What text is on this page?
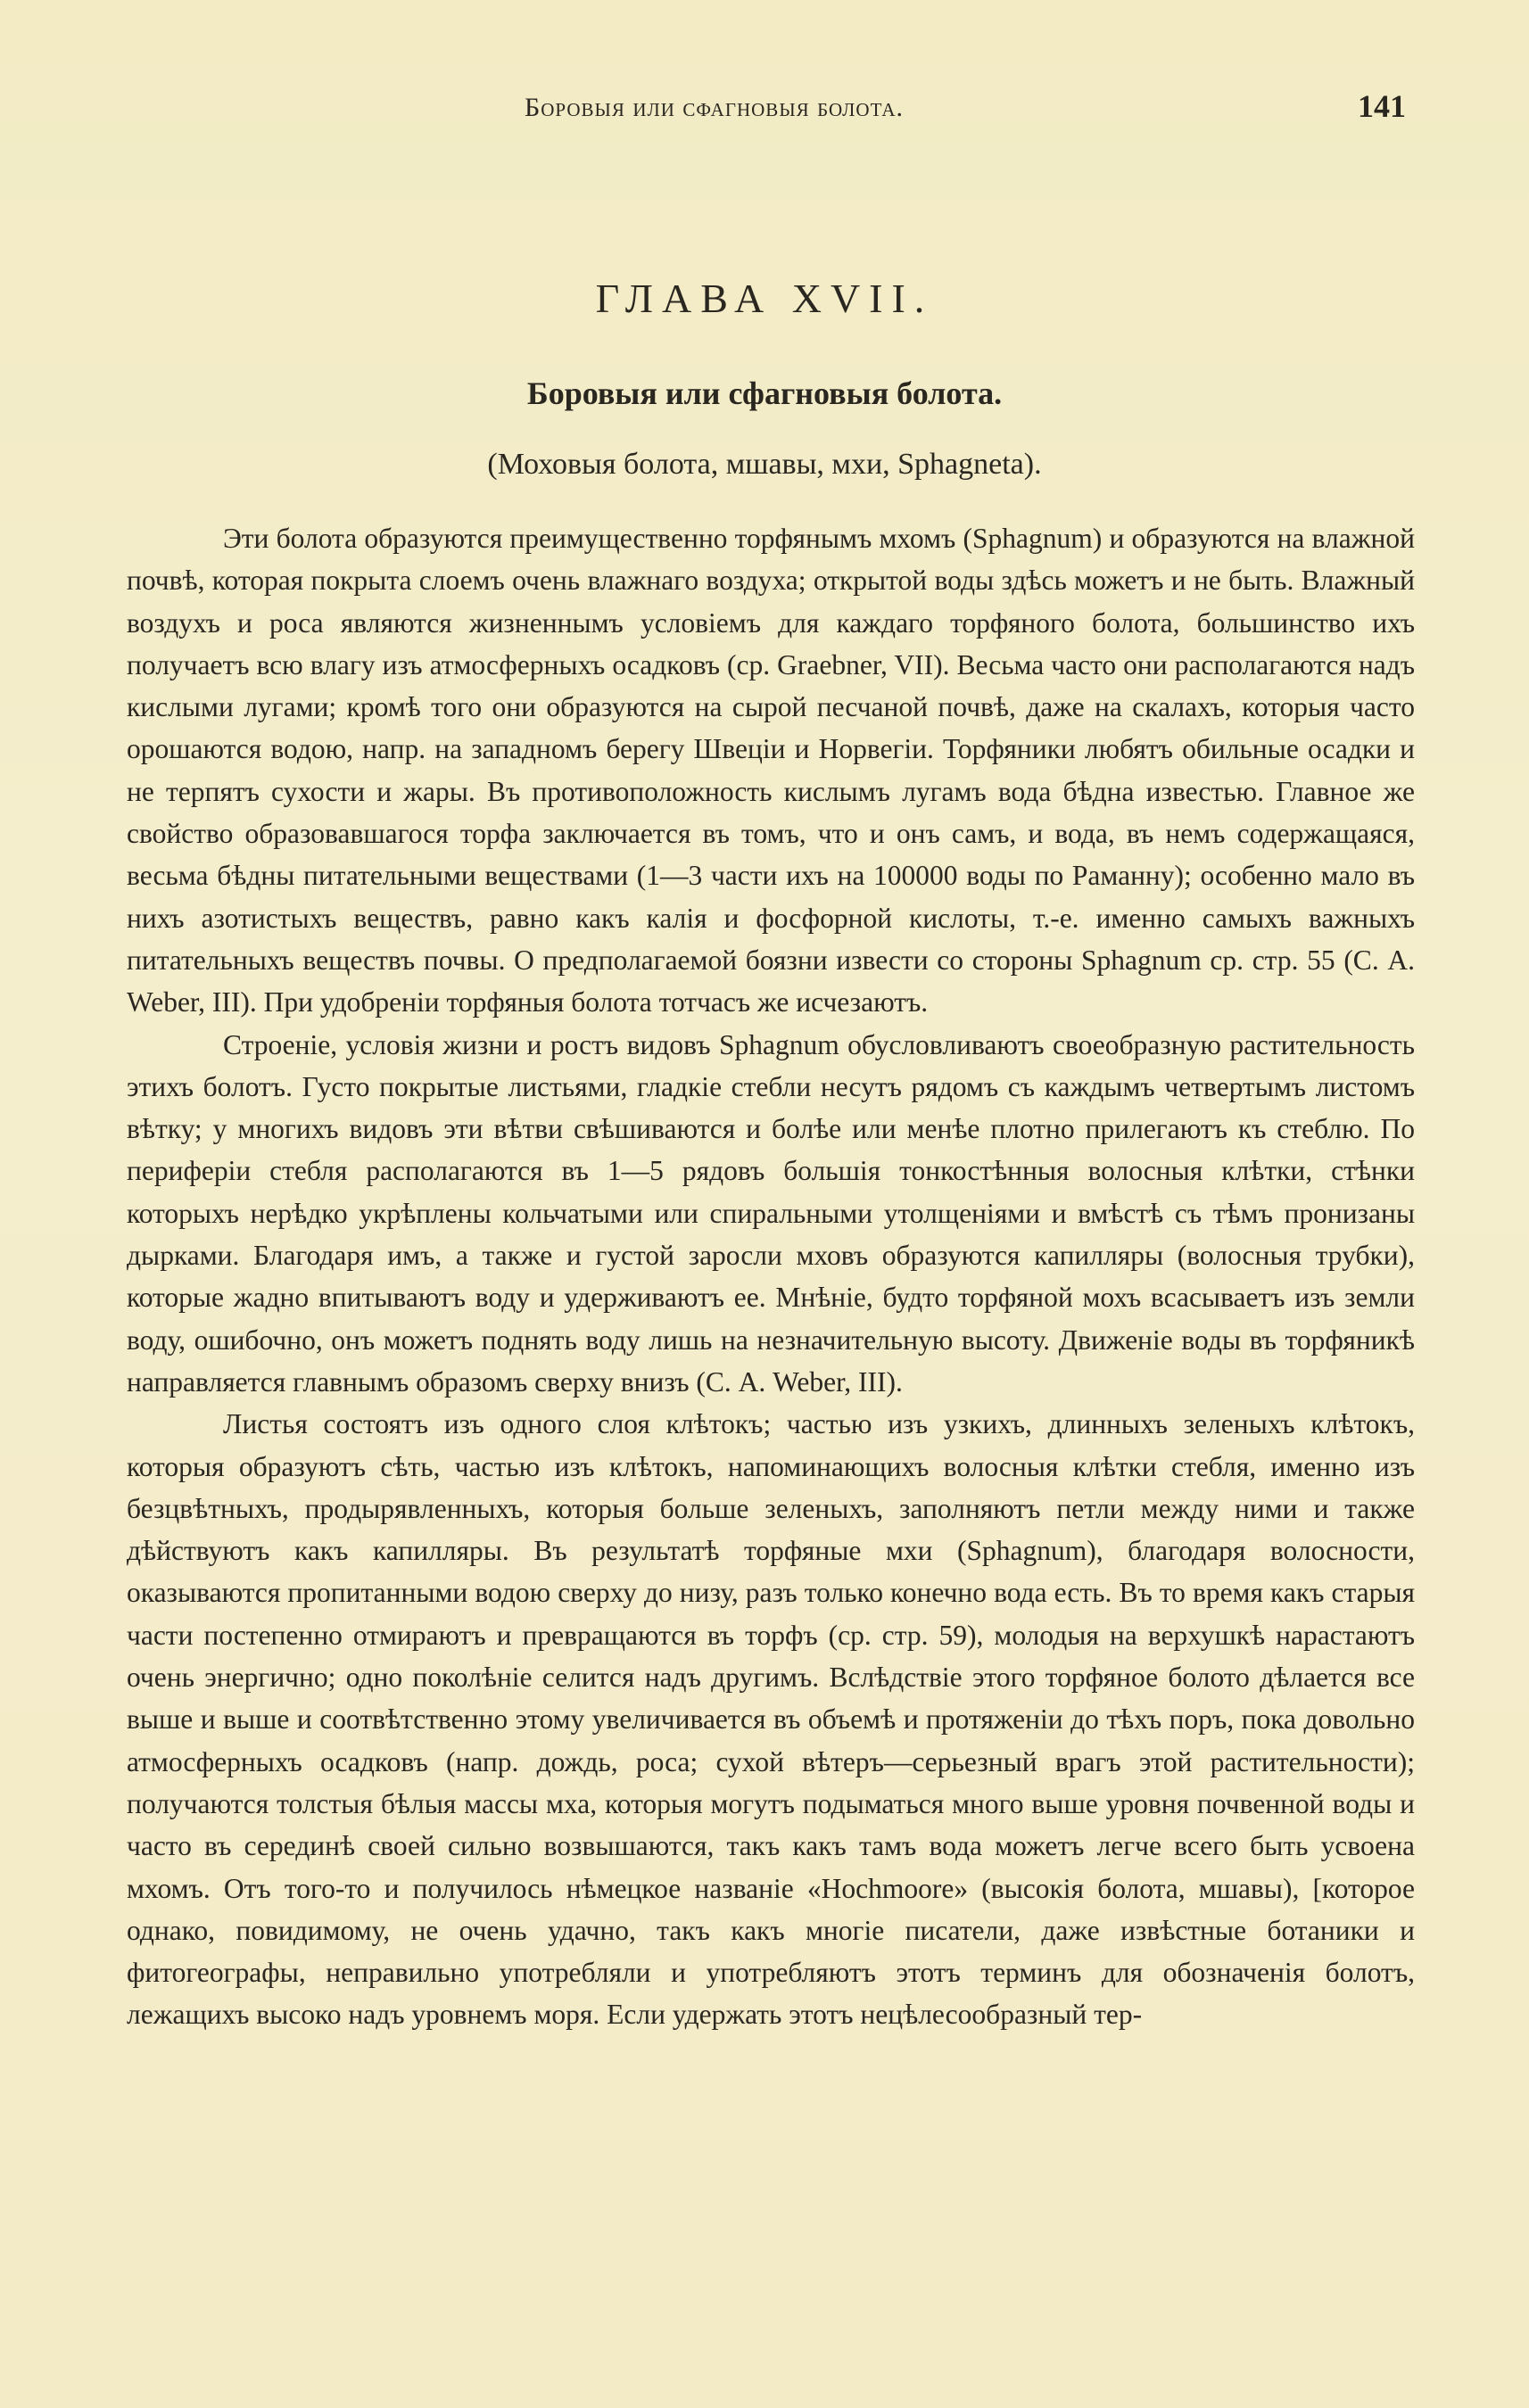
Боровыя или сфагновыя болота.	141
ГЛАВА XVII.
Боровыя или сфагновыя болота.
(Моховыя болота, мшавы, мхи, Sphagneta).

Эти болота образуются преимущественно торфянымъ мхомъ (Sphagnum) и образуются на влажной почвѣ, которая покрыта слоемъ очень влажнаго воздуха; открытой воды здѣсь можетъ и не быть. Влажный воздухъ и роса являются жизненнымъ условіемъ для каждаго торфяного болота, большинство ихъ получаетъ всю влагу изъ атмосферныхъ осадковъ (ср. Graebner, VII). Весьма часто они располагаются надъ кислыми лугами; кромѣ того они образуются на сырой песчаной почвѣ, даже на скалахъ, которыя часто орошаются водою, напр. на западномъ берегу Швеціи и Норвегіи. Торфяники любятъ обильные осадки и не терпятъ сухости и жары. Въ противоположность кислымъ лугамъ вода бѣдна известью. Главное же свойство образовавшагося торфа заключается въ томъ, что и онъ самъ, и вода, въ немъ содержащаяся, весьма бѣдны питательными веществами (1—3 части ихъ на 100000 воды по Раманну); особенно мало въ нихъ азотистыхъ веществъ, равно какъ калія и фосфорной кислоты, т.-е. именно самыхъ важныхъ питательныхъ веществъ почвы. О предполагаемой боязни извести со стороны Sphagnum ср. стр. 55 (С. А. Weber, III). При удобреніи торфяныя болота тотчасъ же исчезаютъ.

Строеніе, условія жизни и ростъ видовъ Sphagnum обусловливаютъ своеобразную растительность этихъ болотъ. Густо покрытые листьями, гладкіе стебли несутъ рядомъ съ каждымъ четвертымъ листомъ вѣтку; у многихъ видовъ эти вѣтви свѣшиваются и болѣе или менѣе плотно прилегаютъ къ стеблю. По периферіи стебля располагаются въ 1—5 рядовъ большія тонкостѣнныя волосныя клѣтки, стѣнки которыхъ нерѣдко укрѣплены кольчатыми или спиральными утолщеніями и вмѣстѣ съ тѣмъ пронизаны дырками. Благодаря имъ, а также и густой заросли мховъ образуются капилляры (волосныя трубки), которые жадно впитываютъ воду и удерживаютъ ее. Мнѣніе, будто торфяной мохъ всасываетъ изъ земли воду, ошибочно, онъ можетъ поднять воду лишь на незначительную высоту. Движеніе воды въ торфяникѣ направляется главнымъ образомъ сверху внизъ (С. А. Weber, III).

Листья состоятъ изъ одного слоя клѣтокъ; частью изъ узкихъ, длинныхъ зеленыхъ клѣтокъ, которыя образуютъ сѣть, частью изъ клѣтокъ, напоминающихъ волосныя клѣтки стебля, именно изъ безцвѣтныхъ, продырявленныхъ, которыя больше зеленыхъ, заполняютъ петли между ними и также дѣйствуютъ какъ капилляры. Въ результатѣ торфяные мхи (Sphagnum), благодаря волосности, оказываются пропитанными водою сверху до низу, разъ только конечно вода есть. Въ то время какъ старыя части постепенно отмираютъ и превращаются въ торфъ (ср. стр. 59), молодыя на верхушкѣ нарастаютъ очень энергично; одно поколѣніе селится надъ другимъ. Вслѣдствіе этого торфяное болото дѣлается все выше и выше и соотвѣтственно этому увеличивается въ объемѣ и протяженіи до тѣхъ поръ, пока довольно атмосферныхъ осадковъ (напр. дождь, роса; сухой вѣтеръ—серьезный врагъ этой растительности); получаются толстыя бѣлыя массы мха, которыя могутъ подыматься много выше уровня почвенной воды и часто въ серединѣ своей сильно возвышаются, такъ какъ тамъ вода можетъ легче всего быть усвоена мхомъ. Отъ того-то и получилось нѣмецкое названіе «Hochmoore» (высокія болота, мшавы), [которое однако, повидимому, не очень удачно, такъ какъ многіе писатели, даже извѣстные ботаники и фитогеографы, неправильно употребляли и употребляютъ этотъ терминъ для обозначенія болотъ, лежащихъ высоко надъ уровнемъ моря. Если удержать этотъ нецѣлесообразный тер-
